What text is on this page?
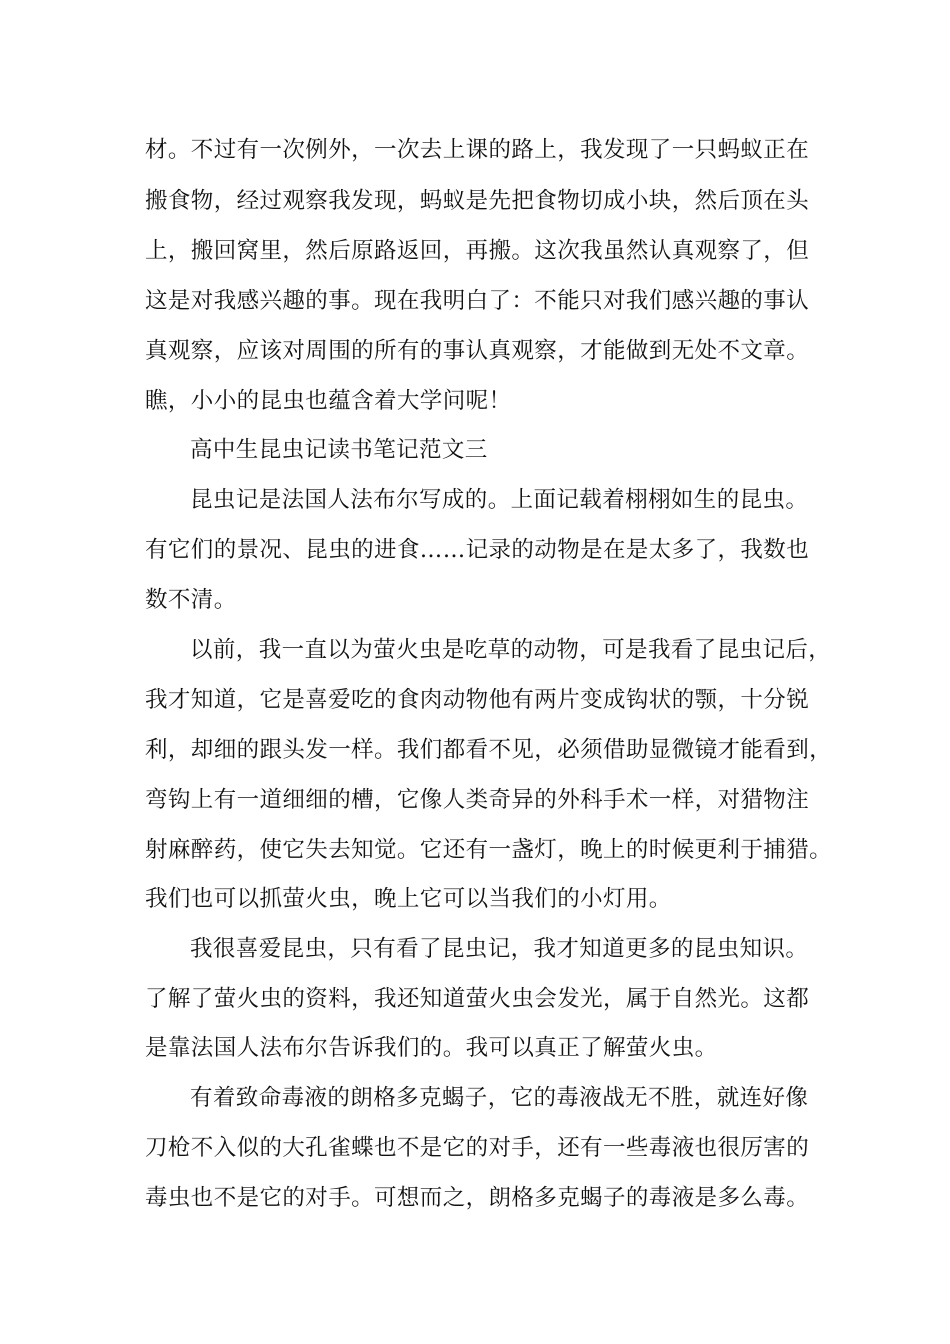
材。不过有一次例外，一次去上课的路上，我发现了一只蚂蚁正在
搬食物，经过观察我发现，蚂蚁是先把食物切成小块，然后顶在头
上，搬回窝里，然后原路返回，再搬。这次我虽然认真观察了，但
这是对我感兴趣的事。现在我明白了：不能只对我们感兴趣的事认
真观察，应该对周围的所有的事认真观察，才能做到无处不文章。
瞧，小小的昆虫也蕴含着大学问呢！
高中生昆虫记读书笔记范文三
昆虫记是法国人法布尔写成的。上面记载着栩栩如生的昆虫。
有它们的景况、昆虫的进食……记录的动物是在是太多了，我数也
数不清。
以前，我一直以为萤火虫是吃草的动物，可是我看了昆虫记后，
我才知道，它是喜爱吃的食肉动物他有两片变成钩状的颚，十分锐
利，却细的跟头发一样。我们都看不见，必须借助显微镜才能看到，
弯钩上有一道细细的槽，它像人类奇异的外科手术一样，对猎物注
射麻醉药，使它失去知觉。它还有一盏灯，晚上的时候更利于捕猎。
我们也可以抓萤火虫，晚上它可以当我们的小灯用。
我很喜爱昆虫，只有看了昆虫记，我才知道更多的昆虫知识。
了解了萤火虫的资料，我还知道萤火虫会发光，属于自然光。这都
是靠法国人法布尔告诉我们的。我可以真正了解萤火虫。
有着致命毒液的朗格多克蝎子，它的毒液战无不胜，就连好像
刀枪不入似的大孔雀蝶也不是它的对手，还有一些毒液也很厉害的
毒虫也不是它的对手。可想而之，朗格多克蝎子的毒液是多么毒。
